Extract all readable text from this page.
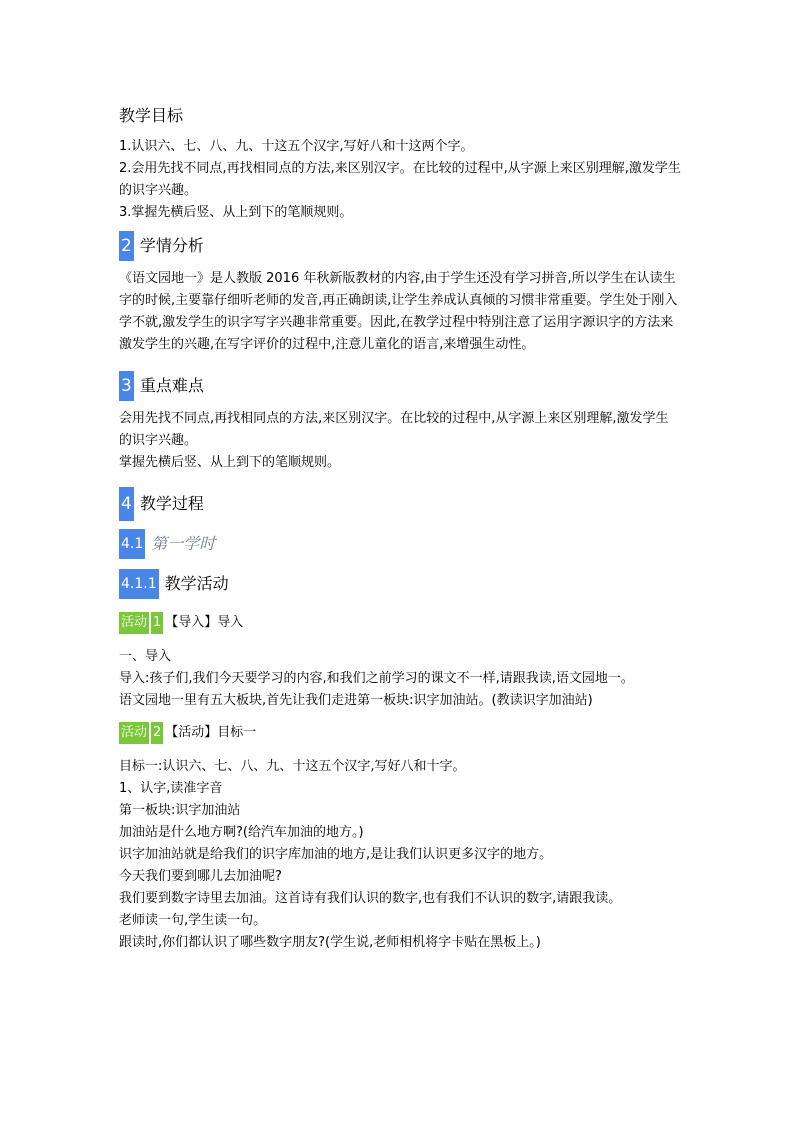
教学目标

1.认识六、七、八、九、十这五个汉字,写好八和十这两个字。

2.会用先找不同点,再找相同点的方法,来区别汉字。在比较的过程中,从字源上来区别理解,激发学生的识字兴趣。

3.掌握先横后竖、从上到下的笔顺规则。

2 学情分析

《语文园地一》是人教版 2016 年秋新版教材的内容,由于学生还没有学习拼音,所以学生在认读生字的时候,主要靠仔细听老师的发音,再正确朗读,让学生养成认真倾的习惯非常重要。学生处于刚入学不就,激发学生的识字写字兴趣非常重要。因此,在教学过程中特别注意了运用字源识字的方法来激发学生的兴趣,在写字评价的过程中,注意儿童化的语言,来增强生动性。

3 重点难点

会用先找不同点,再找相同点的方法,来区别汉字。在比较的过程中,从字源上来区别理解,激发学生的识字兴趣。

掌握先横后竖、从上到下的笔顺规则。

4 教学过程
4.1 第一学时
4.1.1 教学活动
活动 1 【导入】导入

一、导入

导入:孩子们,我们今天要学习的内容,和我们之前学习的课文不一样,请跟我读,语文园地一。

语文园地一里有五大板块,首先让我们走进第一板块:识字加油站。(教读识字加油站)

活动 2 【活动】目标一

目标一:认识六、七、八、九、十这五个汉字,写好八和十字。

1、认字,读准字音

第一板块:识字加油站

加油站是什么地方啊?(给汽车加油的地方。)

识字加油站就是给我们的识字库加油的地方,是让我们认识更多汉字的地方。

今天我们要到哪儿去加油呢?

我们要到数字诗里去加油。这首诗有我们认识的数字,也有我们不认识的数字,请跟我读。

老师读一句,学生读一句。

跟读时,你们都认识了哪些数字朋友?(学生说,老师相机将字卡贴在黑板上。)
